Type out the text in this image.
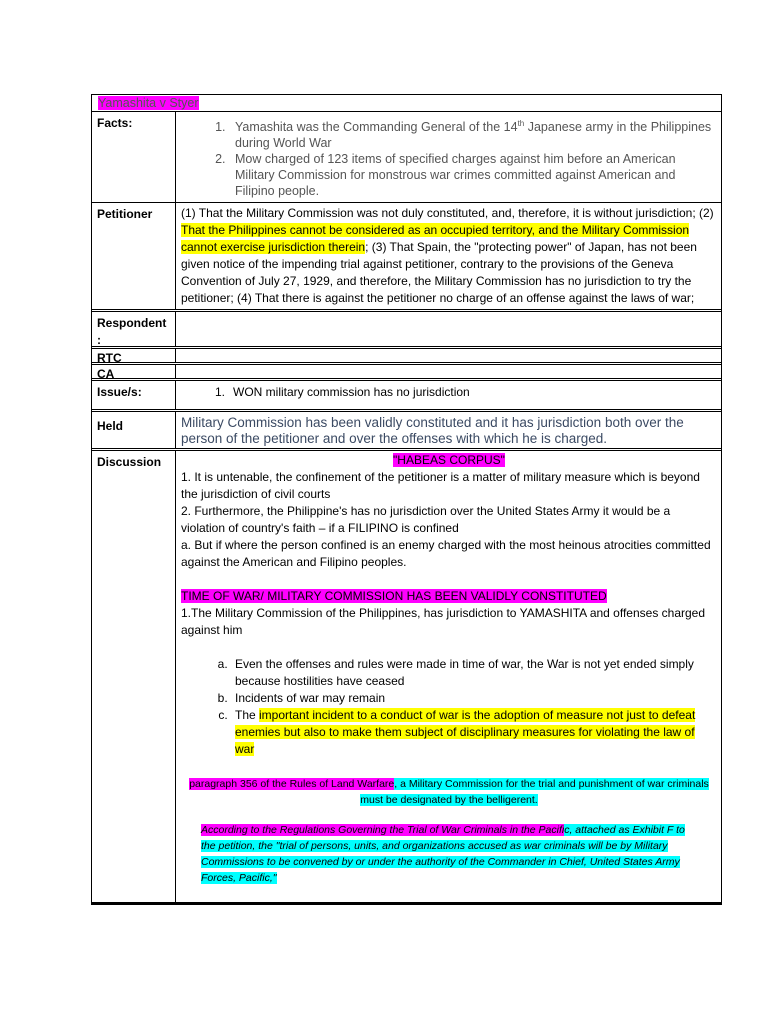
Yamashita v Styer
Facts:
1.	Yamashita was the Commanding General of the 14th Japanese army in the Philippines during World War
2. Mow charged of 123 items of specified charges against him before an American Military Commission for monstrous war crimes committed against American and Filipino people.
Petitioner	(1) That the Military Commission was not duly constituted, and, therefore, it is without jurisdiction; (2) That the Philippines cannot be considered as an occupied territory, and the Military Commission cannot exercise jurisdiction therein; (3) That Spain, the "protecting power" of Japan, has not been given notice of the impending trial against petitioner, contrary to the provisions of the Geneva Convention of July 27, 1929, and therefore, the Military Commission has no jurisdiction to try the petitioner; (4) That there is against the petitioner no charge of an offense against the laws of war;
Respondent :
RTC
CA
Issue/s:	1. WON military commission has no jurisdiction
Held	Military Commission has been validly constituted and it has jurisdiction both over the person of the petitioner and over the offenses with which he is charged.
Discussion	"HABEAS CORPUS"

1. It is untenable, the confinement of the petitioner is a matter of military measure which is beyond the jurisdiction of civil courts

2. Furthermore, the Philippine's has no jurisdiction over the United States Army it would be a violation of country's faith – if a FILIPINO is confined

a. But if where the person confined is an enemy charged with the most heinous atrocities committed against the American and Filipino peoples.

TIME OF WAR/ MILITARY COMMISSION HAS BEEN VALIDLY CONSTITUTED

1.The Military Commission of the Philippines, has jurisdiction to YAMASHITA and offenses charged against him

a. Even the offenses and rules were made in time of war, the War is not yet ended simply because hostilities have ceased
b. Incidents of war may remain
c. The important incident to a conduct of war is the adoption of measure not just to defeat enemies but also to make them subject of disciplinary measures for violating the law of war

paragraph 356 of the Rules of Land Warfare, a Military Commission for the trial and punishment of war criminals must be designated by the belligerent.

According to the Regulations Governing the Trial of War Criminals in the Pacific, attached as Exhibit F to the petition, the "trial of persons, units, and organizations accused as war criminals will be by Military Commissions to be convened by or under the authority of the Commander in Chief, United States Army Forces, Pacific,"
